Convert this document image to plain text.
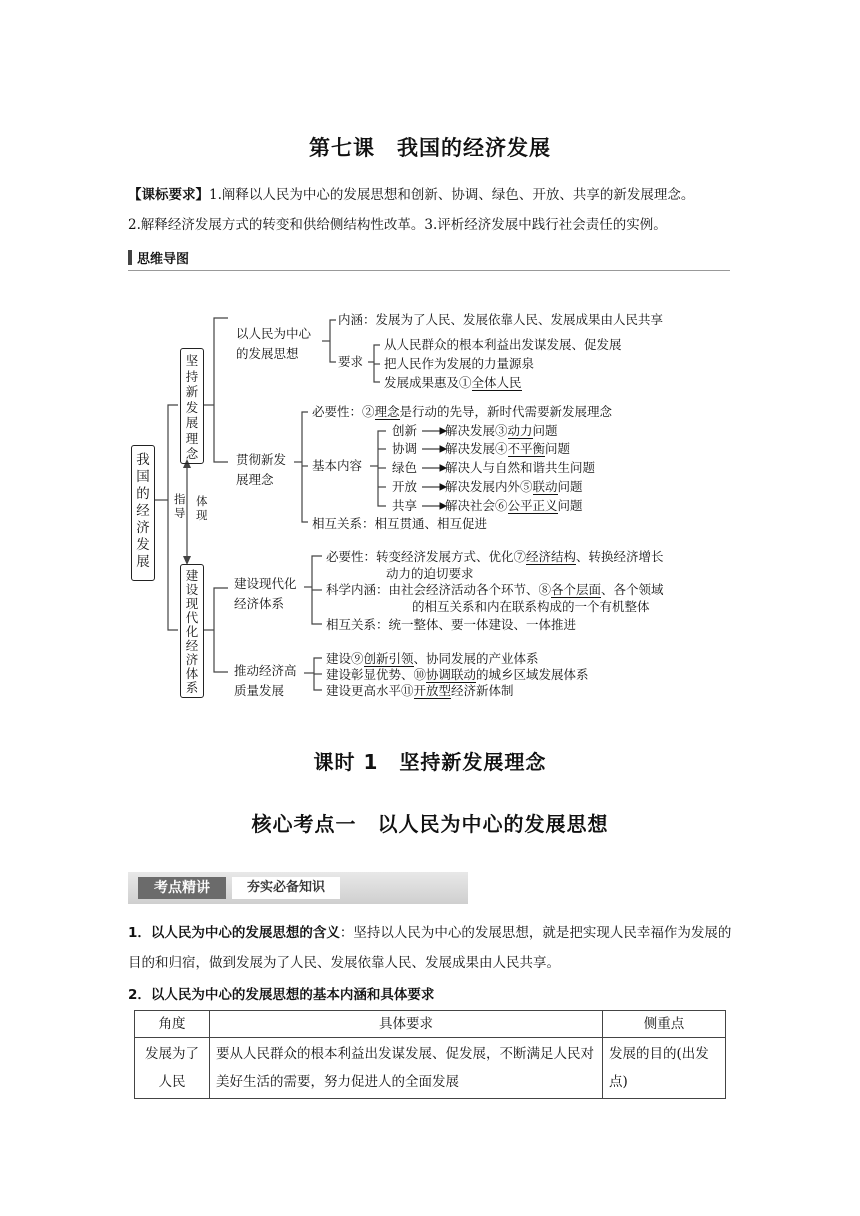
第七课　我国的经济发展
【课标要求】1.阐释以人民为中心的发展思想和创新、协调、绿色、开放、共享的新发展理念。
2.解释经济发展方式的转变和供给侧结构性改革。3.评析经济发展中践行社会责任的实例。
思维导图
我
国
的
经
济
发
展
坚
持
新
发
展
理
念
指导
体现
建
设
现
代
化
经
济
体
系
以人民为中心
的发展思想
内涵：发展为了人民、发展依靠人民、发展成果由人民共享
要求
从人民群众的根本利益出发谋发展、促发展
把人民作为发展的力量源泉
发展成果惠及①全体人民
贯彻新发
展理念
必要性：②理念是行动的先导，新时代需要新发展理念
基本内容
创新 解决发展③动力问题
协调 解决发展④不平衡问题
绿色 解决人与自然和谐共生问题
开放 解决发展内外⑤联动问题
共享 解决社会⑥公平正义问题
相互关系：相互贯通、相互促进
建设现代化
经济体系
必要性：转变经济发展方式、优化⑦经济结构、转换经济增长
动力的迫切要求
科学内涵：由社会经济活动各个环节、⑧各个层面、各个领域
的相互关系和内在联系构成的一个有机整体
相互关系：统一整体、要一体建设、一体推进
推动经济高
质量发展
建设⑨创新引领、协同发展的产业体系
建设彰显优势、⑩协调联动的城乡区域发展体系
建设更高水平⑪开放型经济新体制
课时 1　坚持新发展理念
核心考点一　以人民为中心的发展思想
考点精讲	夯实必备知识
1．以人民为中心的发展思想的含义：坚持以人民为中心的发展思想，就是把实现人民幸福作为发展的目的和归宿，做到发展为了人民、发展依靠人民、发展成果由人民共享。
2．以人民为中心的发展思想的基本内涵和具体要求
角度	具体要求	侧重点
发展为了人民	要从人民群众的根本利益出发谋发展、促发展，不断满足人民对美好生活的需要，努力促进人的全面发展	发展的目的(出发点)
